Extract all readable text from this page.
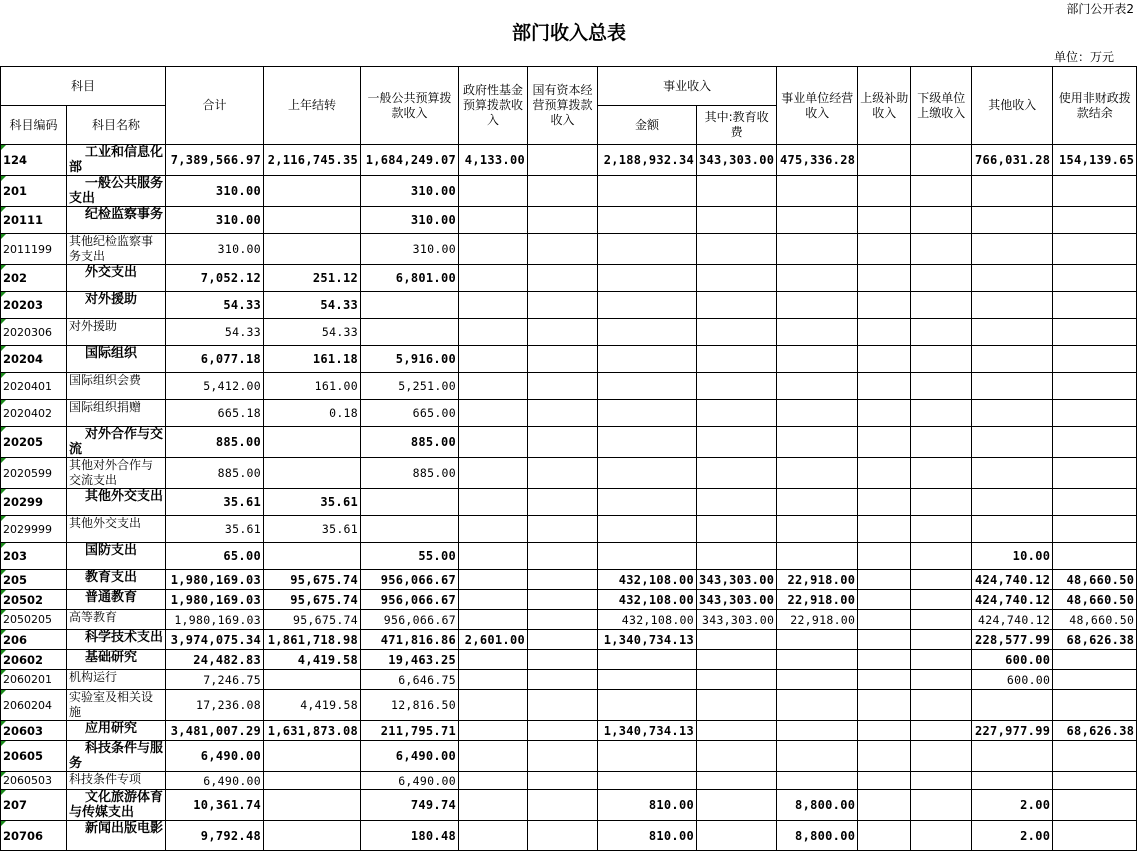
部门公开表2
部门收入总表
单位：万元
科目		合计	上年结转	一般公共预算拨款收入	政府性基金预算拨款收入	国有资本经营预算拨款收入	事业收入		事业单位经营收入	上级补助收入	下级单位上缴收入	其他收入	使用非财政拨款结余
科目编码	科目名称						金额	其中:教育收费					

124	工业和信息化部	7,389,566.97	2,116,745.35	1,684,249.07	4,133.00		2,188,932.34	343,303.00	475,336.28			766,031.28	154,139.65

201	一般公共服务支出	310.00		310.00									

20111	纪检监察事务	310.00		310.00									

2011199	其他纪检监察事务支出	310.00		310.00									

202	外交支出	7,052.12	251.12	6,801.00									

20203	对外援助	54.33	54.33										

2020306	对外援助	54.33	54.33										

20204	国际组织	6,077.18	161.18	5,916.00									

2020401	国际组织会费	5,412.00	161.00	5,251.00									

2020402	国际组织捐赠	665.18	0.18	665.00									

20205	对外合作与交流	885.00		885.00									

2020599	其他对外合作与交流支出	885.00		885.00									

20299	其他外交支出	35.61	35.61										

2029999	其他外交支出	35.61	35.61										

203	国防支出	65.00		55.00								10.00	

205	教育支出	1,980,169.03	95,675.74	956,066.67			432,108.00	343,303.00	22,918.00			424,740.12	48,660.50

20502	普通教育	1,980,169.03	95,675.74	956,066.67			432,108.00	343,303.00	22,918.00			424,740.12	48,660.50

2050205	高等教育	1,980,169.03	95,675.74	956,066.67			432,108.00	343,303.00	22,918.00			424,740.12	48,660.50

206	科学技术支出	3,974,075.34	1,861,718.98	471,816.86	2,601.00		1,340,734.13					228,577.99	68,626.38

20602	基础研究	24,482.83	4,419.58	19,463.25								600.00	

2060201	机构运行	7,246.75		6,646.75								600.00	

2060204	实验室及相关设施	17,236.08	4,419.58	12,816.50									

20603	应用研究	3,481,007.29	1,631,873.08	211,795.71			1,340,734.13					227,977.99	68,626.38

20605	科技条件与服务	6,490.00		6,490.00									

2060503	科技条件专项	6,490.00		6,490.00									

207	文化旅游体育与传媒支出	10,361.74		749.74			810.00		8,800.00			2.00	

20706	新闻出版电影	9,792.48		180.48			810.00		8,800.00			2.00	
